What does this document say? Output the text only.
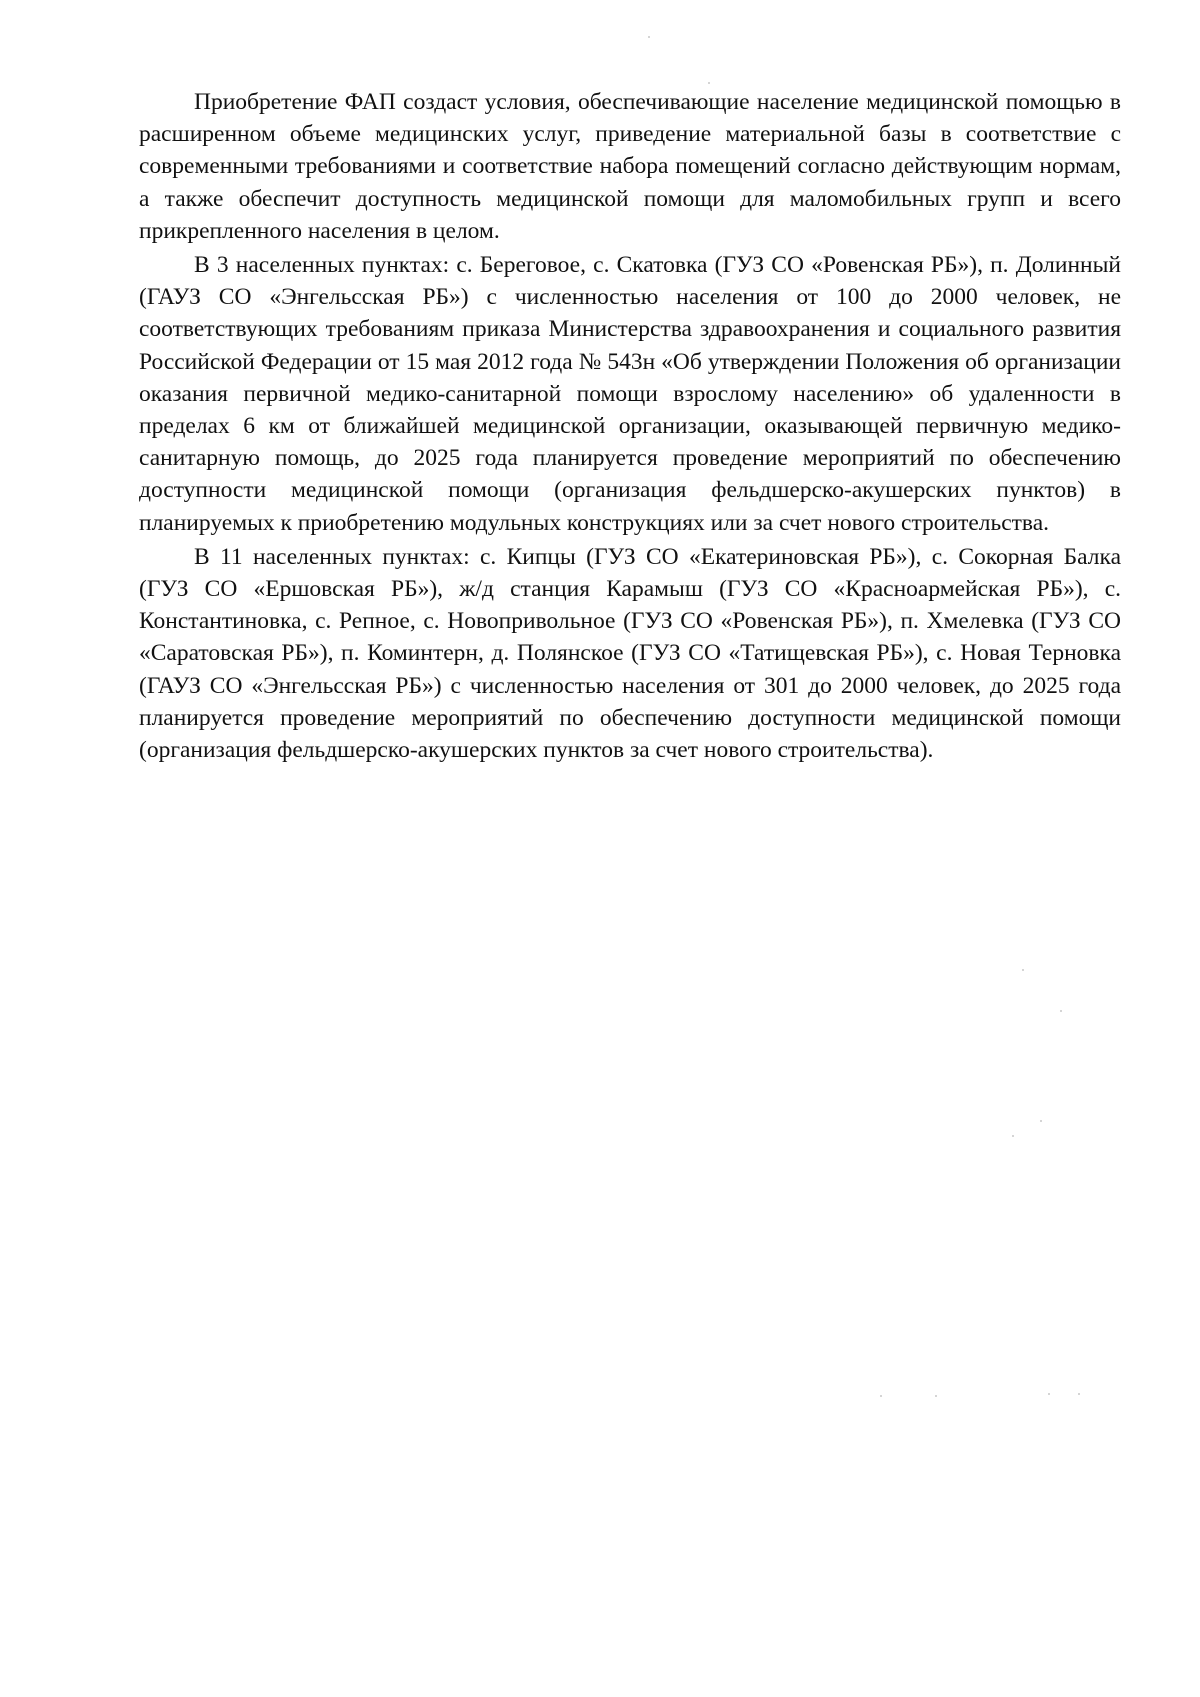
Приобретение ФАП создаст условия, обеспечивающие население медицинской помощью в расширенном объеме медицинских услуг, приведение материальной базы в соответствие с современными требованиями и соответствие набора помещений согласно действующим нормам, а также обеспечит доступность медицинской помощи для маломобильных групп и всего прикрепленного населения в целом.

В 3 населенных пунктах: с. Береговое, с. Скатовка (ГУЗ СО «Ровенская РБ»), п. Долинный (ГАУЗ СО «Энгельсская РБ») с численностью населения от 100 до 2000 человек, не соответствующих требованиям приказа Министерства здравоохранения и социального развития Российской Федерации от 15 мая 2012 года № 543н «Об утверждении Положения об организации оказания первичной медико-санитарной помощи взрослому населению» об удаленности в пределах 6 км от ближайшей медицинской организации, оказывающей первичную медико-санитарную помощь, до 2025 года планируется проведение мероприятий по обеспечению доступности медицинской помощи (организация фельдшерско-акушерских пунктов) в планируемых к приобретению модульных конструкциях или за счет нового строительства.

В 11 населенных пунктах: с. Кипцы (ГУЗ СО «Екатериновская РБ»), с. Сокорная Балка (ГУЗ СО «Ершовская РБ»), ж/д станция Карамыш (ГУЗ СО «Красноармейская РБ»), с. Константиновка, с. Репное, с. Новопривольное (ГУЗ СО «Ровенская РБ»), п. Хмелевка (ГУЗ СО «Саратовская РБ»), п. Коминтерн, д. Полянское (ГУЗ СО «Татищевская РБ»), с. Новая Терновка (ГАУЗ СО «Энгельсская РБ») с численностью населения от 301 до 2000 человек, до 2025 года планируется проведение мероприятий по обеспечению доступности медицинской помощи (организация фельдшерско-акушерских пунктов за счет нового строительства).
